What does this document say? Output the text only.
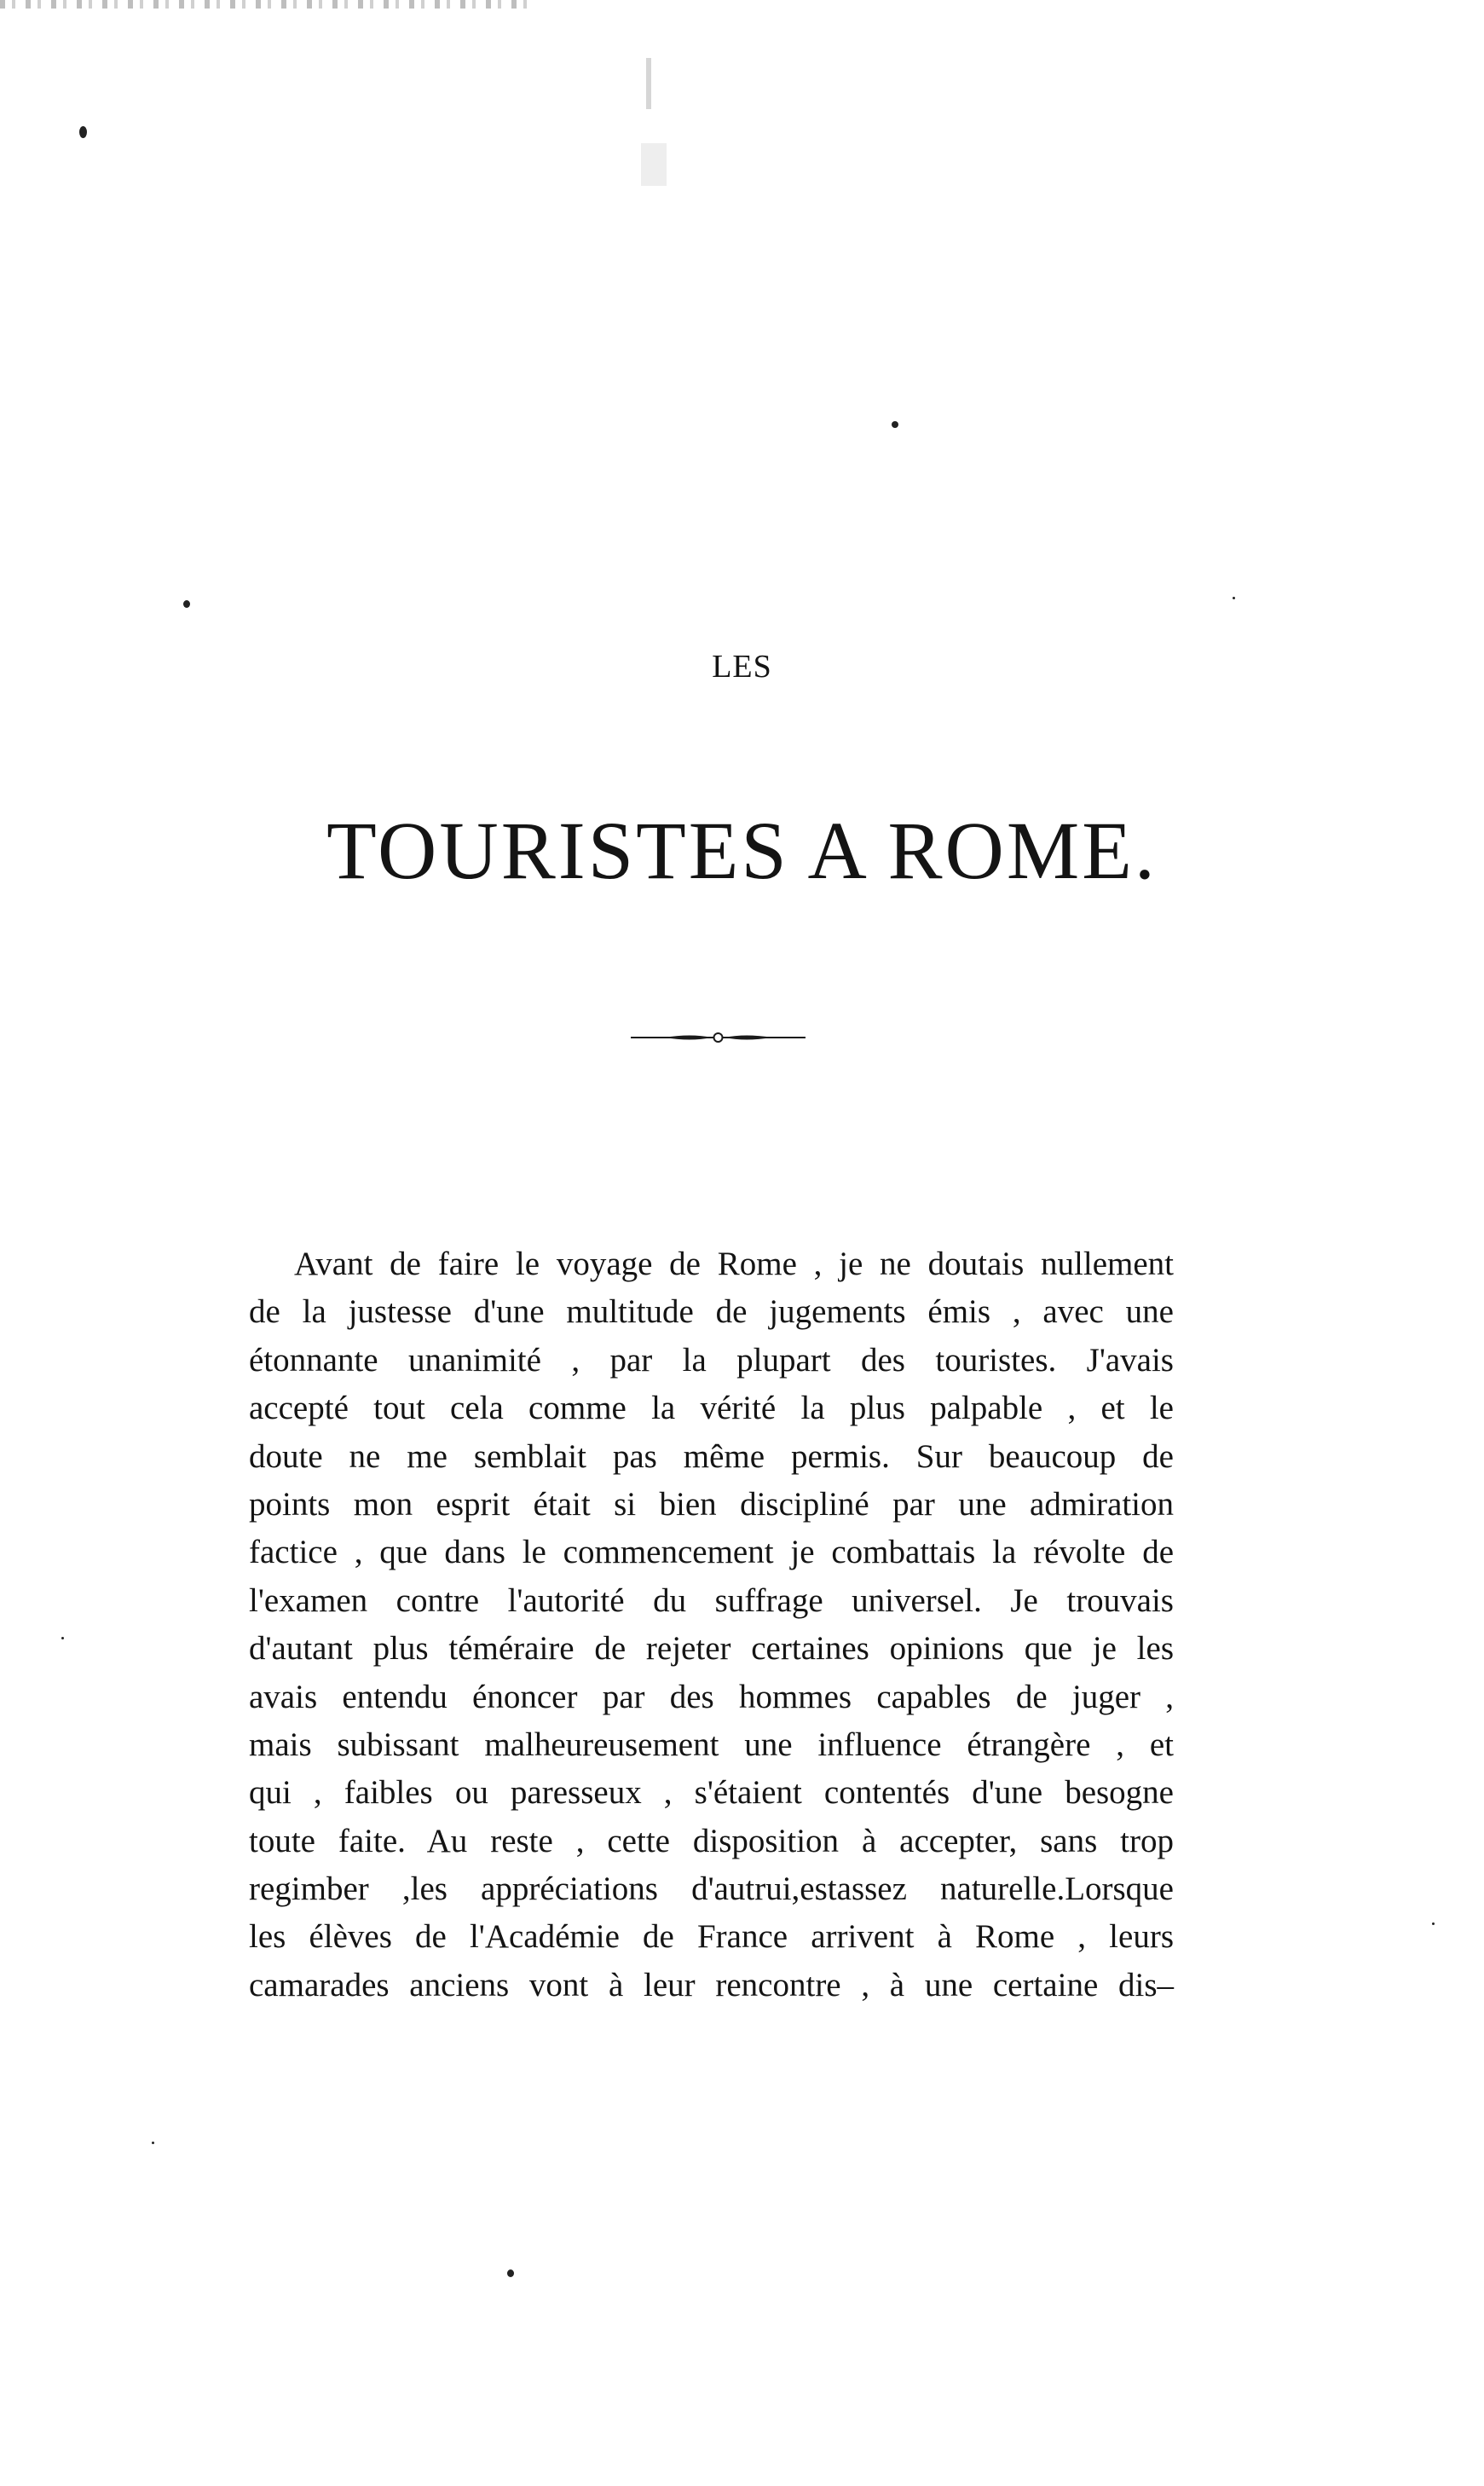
LES
TOURISTES A ROME.
Avant de faire le voyage de Rome , je ne doutais nullement
de la justesse d'une multitude de jugements émis , avec une
étonnante unanimité , par la plupart des touristes. J'avais
accepté tout cela comme la vérité la plus palpable , et le
doute ne me semblait pas même permis. Sur beaucoup de
points mon esprit était si bien discipliné par une admiration
factice , que dans le commencement je combattais la révolte de
l'examen contre l'autorité du suffrage universel. Je trouvais
d'autant plus téméraire de rejeter certaines opinions que je les
avais entendu énoncer par des hommes capables de juger ,
mais subissant malheureusement une influence étrangère , et
qui , faibles ou paresseux , s'étaient contentés d'une besogne
toute faite. Au reste , cette disposition à accepter, sans trop
regimber ,les appréciations d'autrui,estassez naturelle.Lorsque
les élèves de l'Académie de France arrivent à Rome , leurs
camarades anciens vont à leur rencontre , à une certaine dis–
